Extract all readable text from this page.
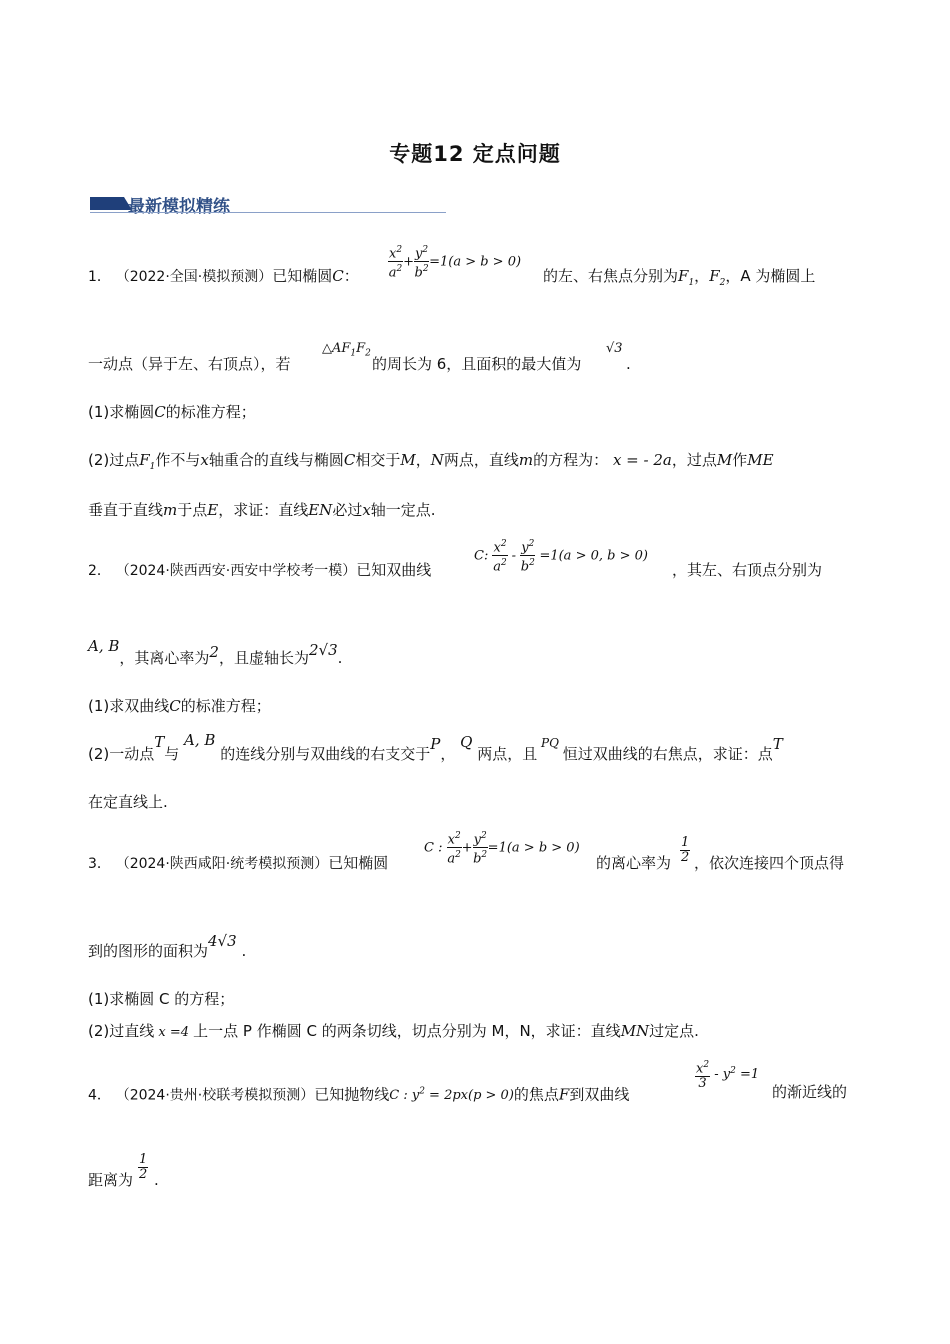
专题12 定点问题
最新模拟精练
1． （2022·全国·模拟预测）已知椭圆C： $\frac{x^2}{a^2} + \frac{y^2}{b^2} =1(a > b > 0)$
的左、右焦点分别为$F_1$，$F_2$，A 为椭圆上
一动点（异于左、右顶点），若
$\triangle AF_1F_2$
的周长为 6，且面积的最大值为
√3
.
(1)求椭圆C的标准方程；
(2)过点$F_1$作不与x轴重合的直线与椭圆C相交于M，N两点，直线m的方程为： x = - 2a，过点M作ME
垂直于直线m于点E，求证：直线EN必过x轴一定点.
2． （2024·陕西西安·西安中学校考一模）已知双曲线
C: $\frac{x^2}{a^2} - \frac{y^2}{b^2} =1(a > 0$, b > 0)
，其左、右顶点分别为
A, B，其离心率为2，且虚轴长为2√3.
(1)求双曲线C的标准方程；
(2)一动点T与 A, B 的连线分别与双曲线的右支交于P， Q 两点，且 $^{PQ}$ 恒过双曲线的右焦点，求证：点T
在定直线上.
3． （2024·陕西咸阳·统考模拟预测）已知椭圆
C : $\frac{x^2}{a^2} + \frac{y^2}{b^2} =1(a > b > 0)$
的离心率为 $\frac{1}{2}$ ，依次连接四个顶点得
到的图形的面积为4√3 .
(1)求椭圆 C 的方程；
(2)过直线 x =4 上一点 P 作椭圆 C 的两条切线，切点分别为 M，N，求证：直线MN过定点.
4． （2024·贵州·校联考模拟预测）已知抛物线C : $y^2 = 2px(p > 0)$的焦点F到双曲线
$\frac{x^2}{3} - y^2 =1$
的渐近线的
距离为 $\frac{1}{2}$ .
